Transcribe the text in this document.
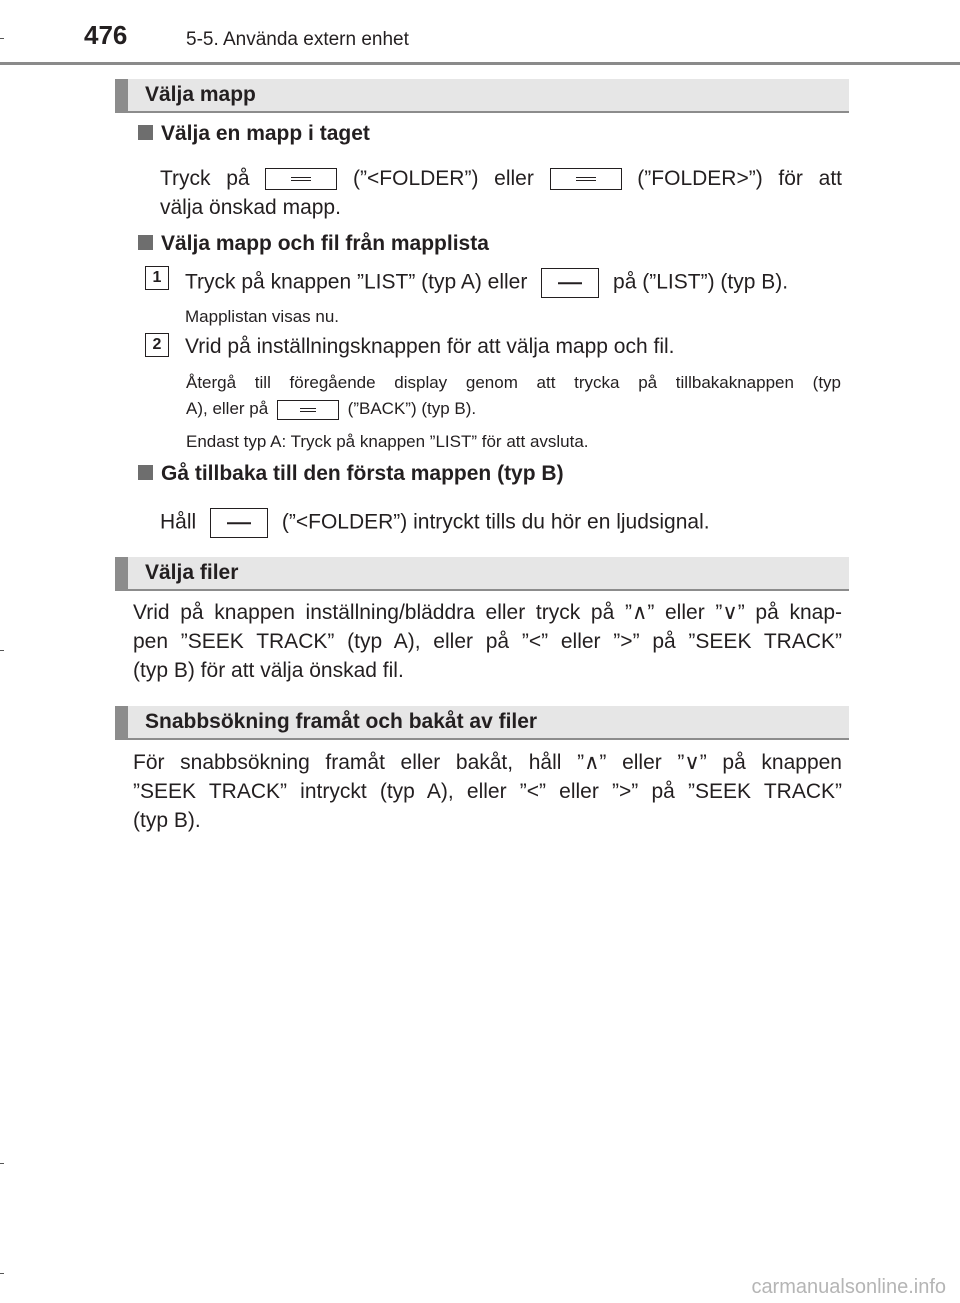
476	5-5. Använda extern enhet
Välja mapp
Välja en mapp i taget
Tryck på	(”<FOLDER”) eller	(”FOLDER>”) för att
välja önskad mapp.
Välja mapp och fil från mapplista
1	Tryck på knappen ”LIST” (typ A) eller	på (”LIST”) (typ B).
Mapplistan visas nu.
2	Vrid på inställningsknappen för att välja mapp och fil.
Återgå till föregående display genom att trycka på tillbakaknappen (typ
A), eller på	(”BACK”) (typ B).
Endast typ A: Tryck på knappen ”LIST” för att avsluta.
Gå tillbaka till den första mappen (typ B)
Håll	(”<FOLDER”) intryckt tills du hör en ljudsignal.
Välja filer
Vrid på knappen inställning/bläddra eller tryck på ”∧” eller ”∨” på knap-
pen ”SEEK TRACK” (typ A), eller på ”<” eller ”>” på ”SEEK TRACK”
(typ B) för att välja önskad fil.
Snabbsökning framåt och bakåt av filer
För snabbsökning framåt eller bakåt, håll ”∧” eller ”∨” på knappen
”SEEK TRACK” intryckt (typ A), eller ”<” eller ”>” på ”SEEK TRACK”
(typ B).
carmanualsonline.info
